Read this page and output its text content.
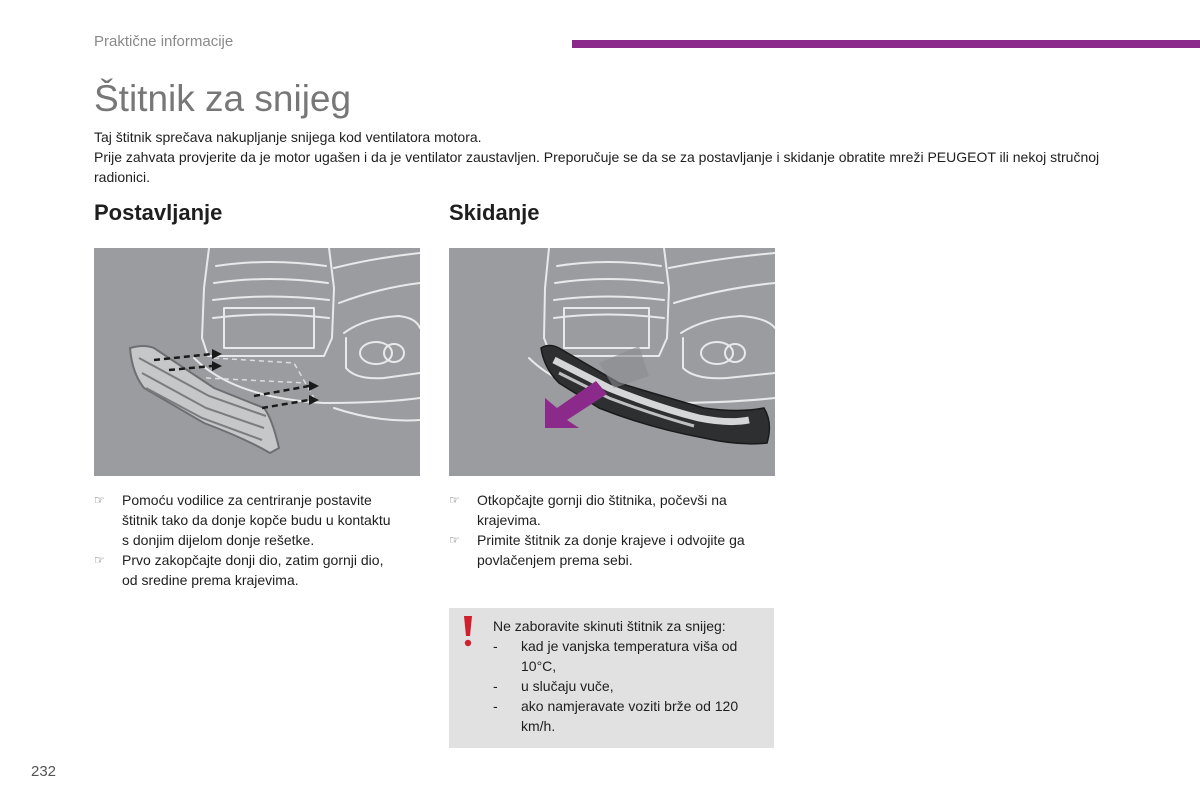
Praktične informacije
Štitnik za snijeg

Taj štitnik sprečava nakupljanje snijega kod ventilatora motora.

Prije zahvata provjerite da je motor ugašen i da je ventilator zaustavljen. Preporučuje se da se za postavljanje i skidanje obratite mreži PEUGEOT ili nekoj stručnoj radionici.

Postavljanje
☞	Pomoću vodilice za centriranje postavite štitnik tako da donje kopče budu u kontaktu s donjim dijelom donje rešetke.
☞	Prvo zakopčajte donji dio, zatim gornji dio, od sredine prema krajevima.
Skidanje
☞	Otkopčajte gornji dio štitnika, počevši na krajevima.
☞	Primite štitnik za donje krajeve i odvojite ga povlačenjem prema sebi.
Ne zaboravite skinuti štitnik za snijeg:
- kad je vanjska temperatura viša od 10°C,
- u slučaju vuče,
- ako namjeravate voziti brže od 120 km/h.
232
